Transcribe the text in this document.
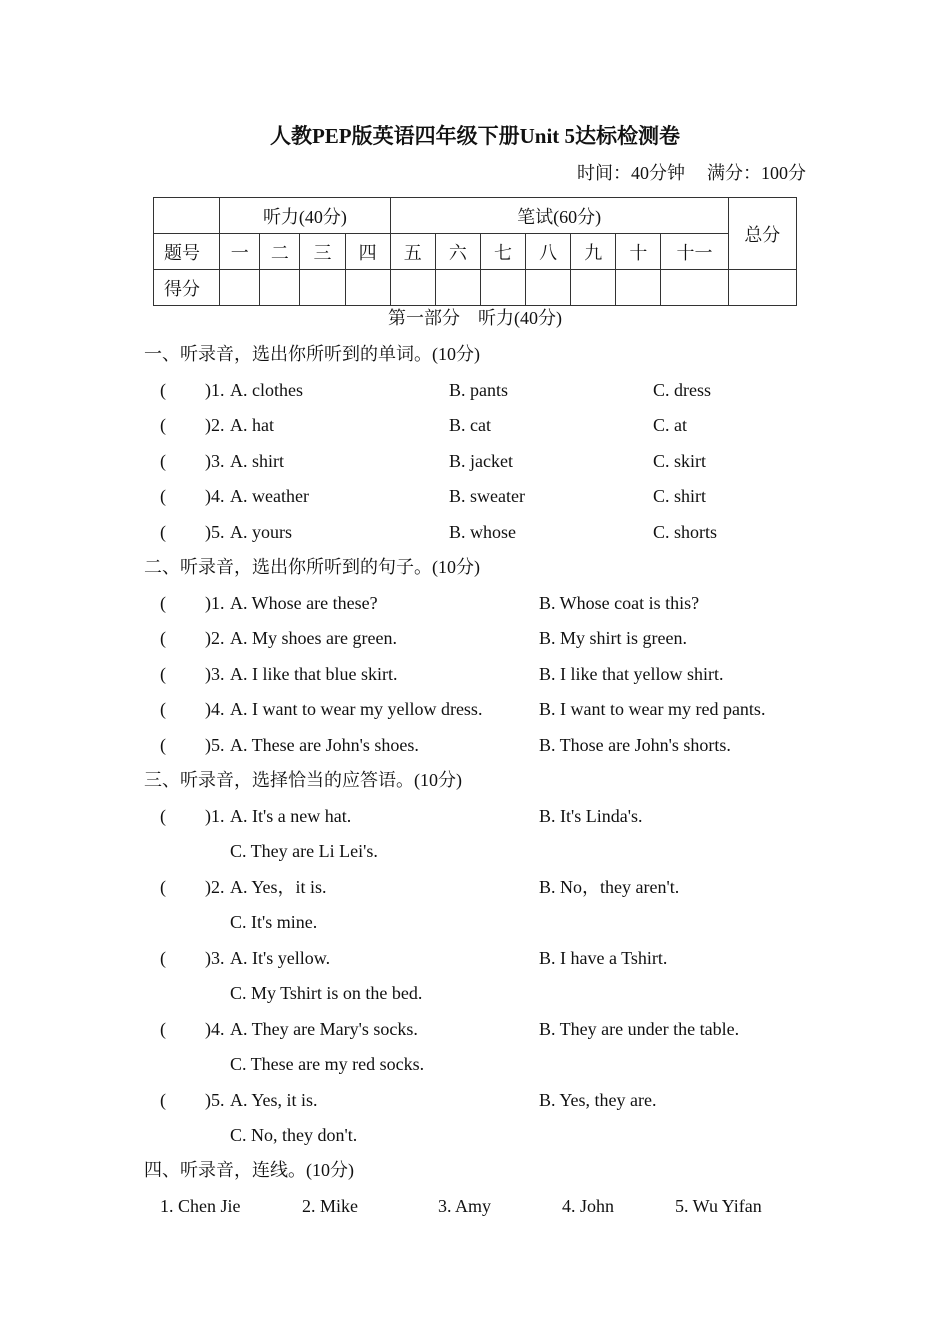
人教PEP版英语四年级下册Unit 5达标检测卷
时间：40分钟 满分：100分
	听力(40分)				笔试(60分)							总分
题号	一	二	三	四	五	六	七	八	九	十	十一	
得分												
第一部分　听力(40分)
一、听录音，选出你所听到的单词。(10分)
( )1. A. clothes	B. pants	C. dress
( )2. A. hat	B. cat	C. at
( )3. A. shirt	B. jacket	C. skirt
( )4. A. weather	B. sweater	C. shirt
( )5. A. yours	B. whose	C. shorts
二、听录音，选出你所听到的句子。(10分)
( )1. A. Whose are these?	B. Whose coat is this?
( )2. A. My shoes are green.	B. My shirt is green.
( )3. A. I like that blue skirt.	B. I like that yellow shirt.
( )4. A. I want to wear my yellow dress.	B. I want to wear my red pants.
( )5. A. These are John's shoes.	B. Those are John's shorts.
三、听录音，选择恰当的应答语。(10分)
( )1. A. It's a new hat.	B. It's Linda's.
C. They are Li Lei's.
( )2. A. Yes，it is.	B. No，they aren't.
C. It's mine.
( )3. A. It's yellow.	B. I have a Tshirt.
C. My Tshirt is on the bed.
( )4. A. They are Mary's socks.	B. They are under the table.
C. These are my red socks.
( )5. A. Yes, it is.	B. Yes, they are.
C. No, they don't.
四、听录音，连线。(10分)
1. Chen Jie	2. Mike	3. Amy	4. John	5. Wu Yifan
